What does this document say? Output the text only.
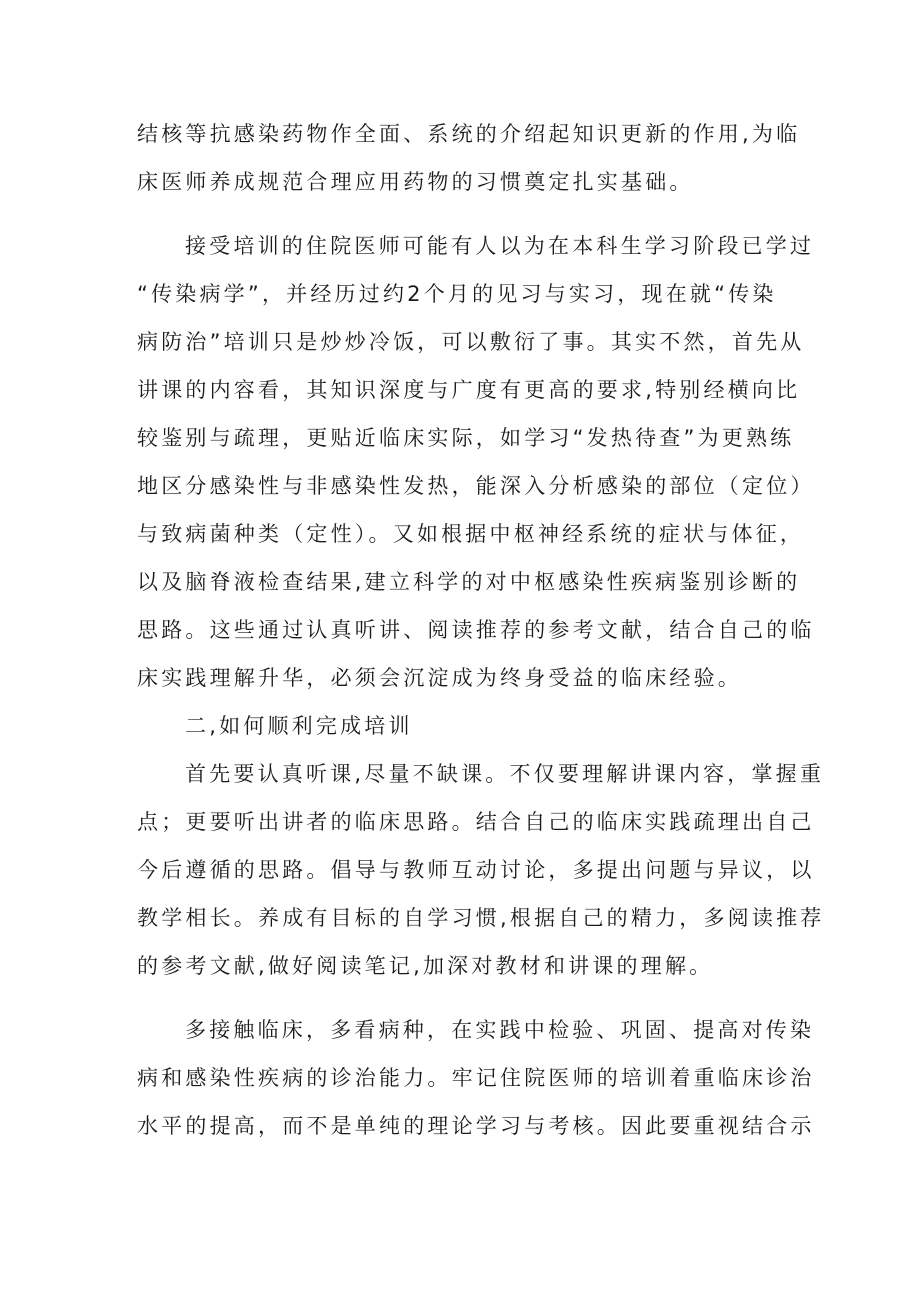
结核等抗感染药物作全面、系统的介绍起知识更新的作用,为临
床医师养成规范合理应用药物的习惯奠定扎实基础。
接受培训的住院医师可能有人以为在本科生学习阶段已学过
“传染病学”，并经历过约2个月的见习与实习，现在就“传染
病防治”培训只是炒炒冷饭，可以敷衍了事。其实不然，首先从
讲课的内容看，其知识深度与广度有更高的要求,特别经横向比
较鉴别与疏理，更贴近临床实际，如学习“发热待查”为更熟练
地区分感染性与非感染性发热，能深入分析感染的部位（定位）
与致病菌种类（定性）。又如根据中枢神经系统的症状与体征，
以及脑脊液检查结果,建立科学的对中枢感染性疾病鉴别诊断的
思路。这些通过认真听讲、阅读推荐的参考文献，结合自己的临
床实践理解升华，必须会沉淀成为终身受益的临床经验。
二,如何顺利完成培训
首先要认真听课,尽量不缺课。不仅要理解讲课内容，掌握重
点；更要听出讲者的临床思路。结合自己的临床实践疏理出自己
今后遵循的思路。倡导与教师互动讨论，多提出问题与异议，以
教学相长。养成有目标的自学习惯,根据自己的精力，多阅读推荐
的参考文献,做好阅读笔记,加深对教材和讲课的理解。
多接触临床，多看病种，在实践中检验、巩固、提高对传染
病和感染性疾病的诊治能力。牢记住院医师的培训着重临床诊治
水平的提高，而不是单纯的理论学习与考核。因此要重视结合示
